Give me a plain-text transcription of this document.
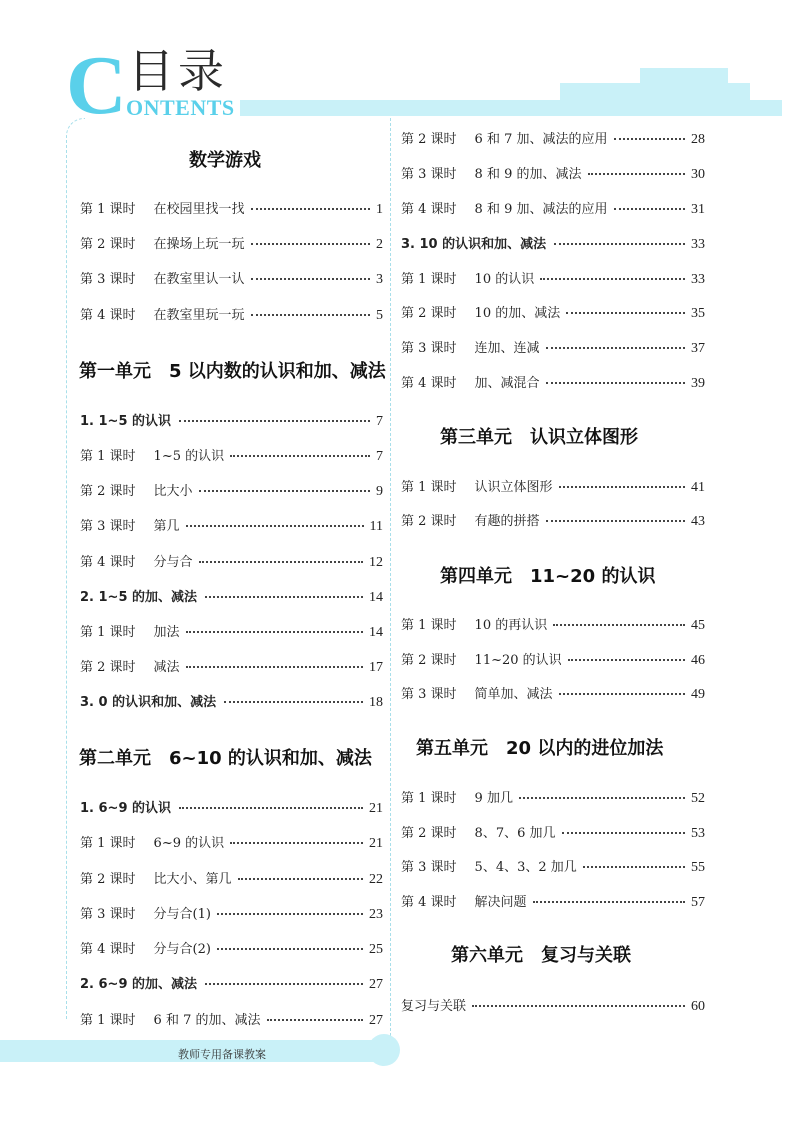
C 目录
ONTENTS
数学游戏
第 1 课时 在校园里找一找	1
第 2 课时 在操场上玩一玩	2
第 3 课时 在教室里认一认	3
第 4 课时 在教室里玩一玩	5
第一单元 5 以内数的认识和加、减法
1. 1~5 的认识	7
第 1 课时 1~5 的认识	7
第 2 课时 比大小	9
第 3 课时 第几	11
第 4 课时 分与合	12
2. 1~5 的加、减法	14
第 1 课时 加法	14
第 2 课时 减法	17
3. 0 的认识和加、减法	18
第二单元 6~10 的认识和加、减法
1. 6~9 的认识	21
第 1 课时 6~9 的认识	21
第 2 课时 比大小、第几	22
第 3 课时 分与合(1)	23
第 4 课时 分与合(2)	25
2. 6~9 的加、减法	27
第 1 课时 6 和 7 的加、减法	27
第 2 课时 6 和 7 加、减法的应用	28
第 3 课时 8 和 9 的加、减法	30
第 4 课时 8 和 9 加、减法的应用	31
3. 10 的认识和加、减法	33
第 1 课时 10 的认识	33
第 2 课时 10 的加、减法	35
第 3 课时 连加、连减	37
第 4 课时 加、减混合	39
第三单元 认识立体图形
第 1 课时 认识立体图形	41
第 2 课时 有趣的拼搭	43
第四单元 11~20 的认识
第 1 课时 10 的再认识	45
第 2 课时 11~20 的认识	46
第 3 课时 简单加、减法	49
第五单元 20 以内的进位加法
第 1 课时 9 加几	52
第 2 课时 8、7、6 加几	53
第 3 课时 5、4、3、2 加几	55
第 4 课时 解决问题	57
第六单元 复习与关联
复习与关联	60
教师专用备课教案
